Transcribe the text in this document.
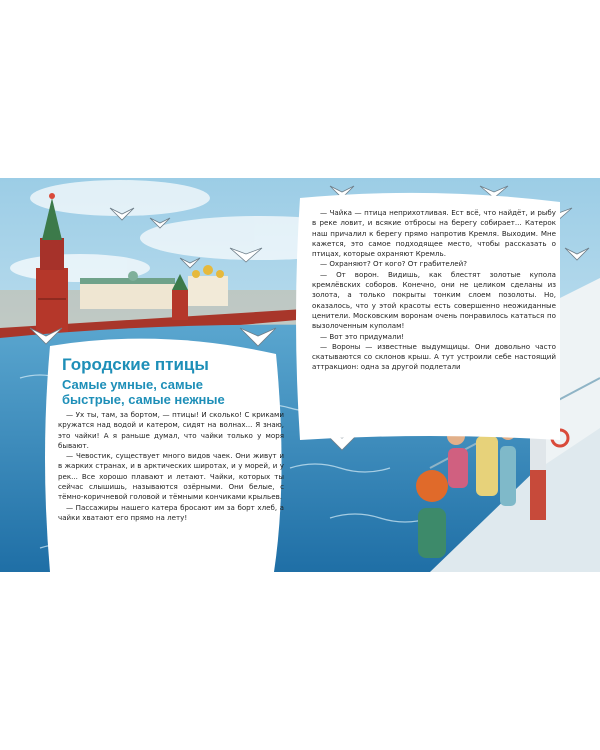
Городские птицы
Самые умные, самые быстрые, самые нежные

— Ух ты, там, за бортом, — птицы! И сколько! С криками кружатся над водой и катером, сидят на волнах... Я знаю, это чайки! А я раньше думал, что чайки только у моря бывают.

— Чевостик, существует много видов чаек. Они живут и в жарких странах, и в арктических широтах, и у морей, и у рек... Все хорошо плавают и летают. Чайки, которых ты сейчас слышишь, называются озёрными. Они белые, с тёмно-коричневой головой и тёмными кончиками крыльев.

— Пассажиры нашего катера бросают им за борт хлеб, а чайки хватают его прямо на лету!

— Чайка — птица неприхотливая. Ест всё, что найдёт, и рыбу в реке ловит, и всякие отбросы на берегу собирает... Катерок наш причалил к берегу прямо напротив Кремля. Выходим. Мне кажется, это самое подходящее место, чтобы рассказать о птицах, которые охраняют Кремль.

— Охраняют? От кого? От грабителей?

— От ворон. Видишь, как блестят золотые купола кремлёвских соборов. Конечно, они не целиком сделаны из золота, а только покрыты тонким слоем позолоты. Но, оказалось, что у этой красоты есть совершенно неожиданные ценители. Московским воронам очень понравилось кататься по вызолоченным куполам!

— Вот это придумали!

— Вороны — известные выдумщицы. Они довольно часто скатываются со склонов крыш. А тут устроили себе настоящий аттракцион: одна за другой подлетали
